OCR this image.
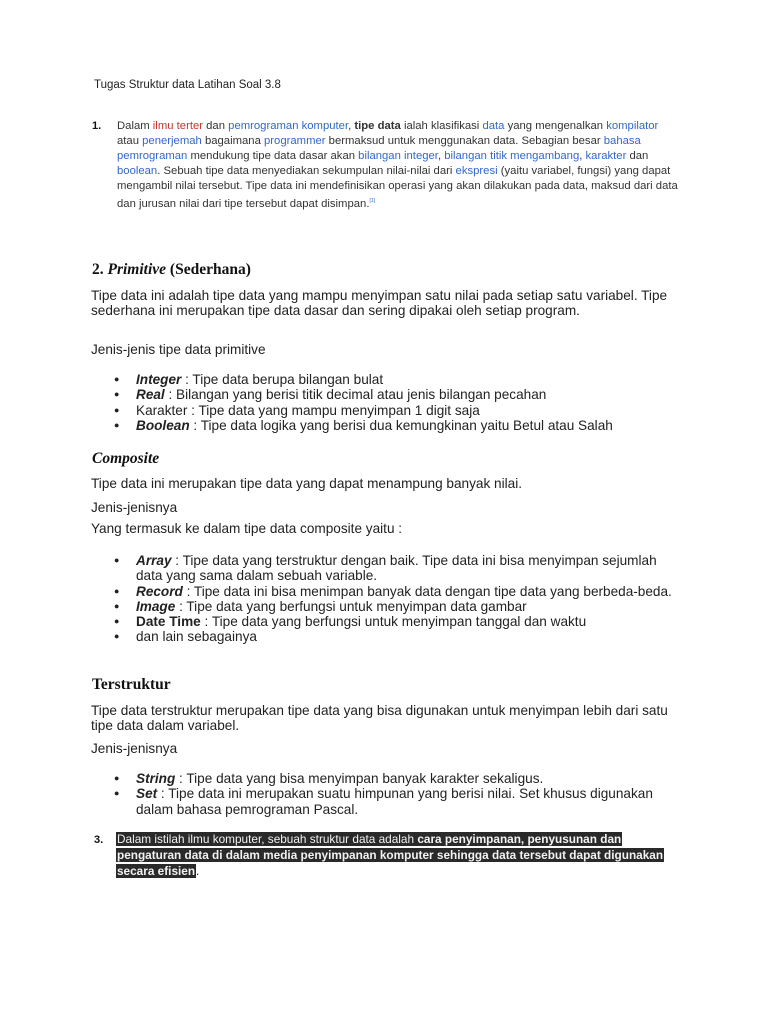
Tugas Struktur data Latihan Soal 3.8
1. Dalam ilmu terter dan pemrograman komputer, tipe data ialah klasifikasi data yang mengenalkan kompilator atau penerjemah bagaimana programmer bermaksud untuk menggunakan data. Sebagian besar bahasa pemrograman mendukung tipe data dasar akan bilangan integer, bilangan titik mengambang, karakter dan boolean. Sebuah tipe data menyediakan sekumpulan nilai-nilai dari ekspresi (yaitu variabel, fungsi) yang dapat mengambil nilai tersebut. Tipe data ini mendefinisikan operasi yang akan dilakukan pada data, maksud dari data dan jurusan nilai dari tipe tersebut dapat disimpan.[1]
2. Primitive (Sederhana)
Tipe data ini adalah tipe data yang mampu menyimpan satu nilai pada setiap satu variabel. Tipe sederhana ini merupakan tipe data dasar dan sering dipakai oleh setiap program.
Jenis-jenis tipe data primitive
● Integer : Tipe data berupa bilangan bulat
● Real : Bilangan yang berisi titik decimal atau jenis bilangan pecahan
● Karakter : Tipe data yang mampu menyimpan 1 digit saja
● Boolean : Tipe data logika yang berisi dua kemungkinan yaitu Betul atau Salah
Composite
Tipe data ini merupakan tipe data yang dapat menampung banyak nilai.
Jenis-jenisnya
Yang termasuk ke dalam tipe data composite yaitu :
● Array : Tipe data yang terstruktur dengan baik. Tipe data ini bisa menyimpan sejumlah data yang sama dalam sebuah variable.
● Record : Tipe data ini bisa menimpan banyak data dengan tipe data yang berbeda-beda.
● Image : Tipe data yang berfungsi untuk menyimpan data gambar
● Date Time : Tipe data yang berfungsi untuk menyimpan tanggal dan waktu
● dan lain sebagainya
Terstruktur
Tipe data terstruktur merupakan tipe data yang bisa digunakan untuk menyimpan lebih dari satu tipe data dalam variabel.
Jenis-jenisnya
● String : Tipe data yang bisa menyimpan banyak karakter sekaligus.
● Set : Tipe data ini merupakan suatu himpunan yang berisi nilai. Set khusus digunakan dalam bahasa pemrograman Pascal.
3. Dalam istilah ilmu komputer, sebuah struktur data adalah cara penyimpanan, penyusunan dan pengaturan data di dalam media penyimpanan komputer sehingga data tersebut dapat digunakan secara efisien.
